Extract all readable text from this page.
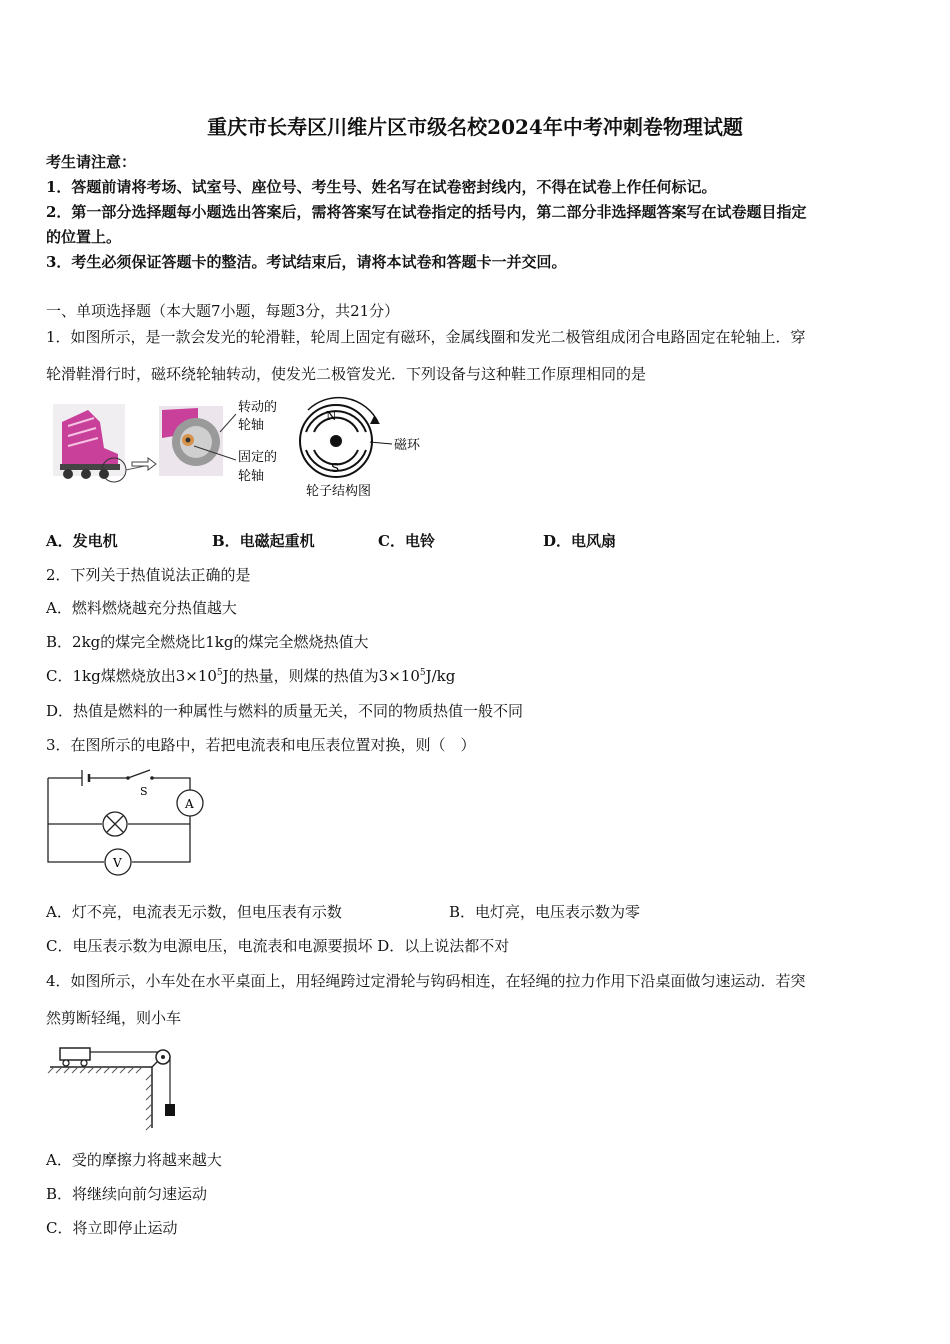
重庆市长寿区川维片区市级名校2024年中考冲刺卷物理试题
考生请注意：
1．答题前请将考场、试室号、座位号、考生号、姓名写在试卷密封线内，不得在试卷上作任何标记。
2．第一部分选择题每小题选出答案后，需将答案写在试卷指定的括号内，第二部分非选择题答案写在试卷题目指定
的位置上。
3．考生必须保证答题卡的整洁。考试结束后，请将本试卷和答题卡一并交回。
一、单项选择题（本大题7小题，每题3分，共21分）
1．如图所示，是一款会发光的轮滑鞋，轮周上固定有磁环，金属线圈和发光二极管组成闭合电路固定在轮轴上．穿
轮滑鞋滑行时，磁环绕轮轴转动，使发光二极管发光．下列设备与这种鞋工作原理相同的是
转动的
轮轴
固定的
轮轴
N
S
磁环
轮子结构图
A．发电机	B．电磁起重机	C．电铃	D．电风扇
2．下列关于热值说法正确的是
A．燃料燃烧越充分热值越大
B．2kg的煤完全燃烧比1kg的煤完全燃烧热值大
C．1kg煤燃烧放出$3\times 10^5J$的热量，则煤的热值为$3\times 10^5J/kg$
D．热值是燃料的一种属性与燃料的质量无关，不同的物质热值一般不同
3．在图所示的电路中，若把电流表和电压表位置对换，则（　）
S
A
V
A．灯不亮，电流表无示数，但电压表有示数	B．电灯亮，电压表示数为零
C．电压表示数为电源电压，电流表和电源要损坏 D．以上说法都不对
4．如图所示，小车处在水平桌面上，用轻绳跨过定滑轮与钩码相连，在轻绳的拉力作用下沿桌面做匀速运动．若突
然剪断轻绳，则小车
A．受的摩擦力将越来越大
B．将继续向前匀速运动
C．将立即停止运动
